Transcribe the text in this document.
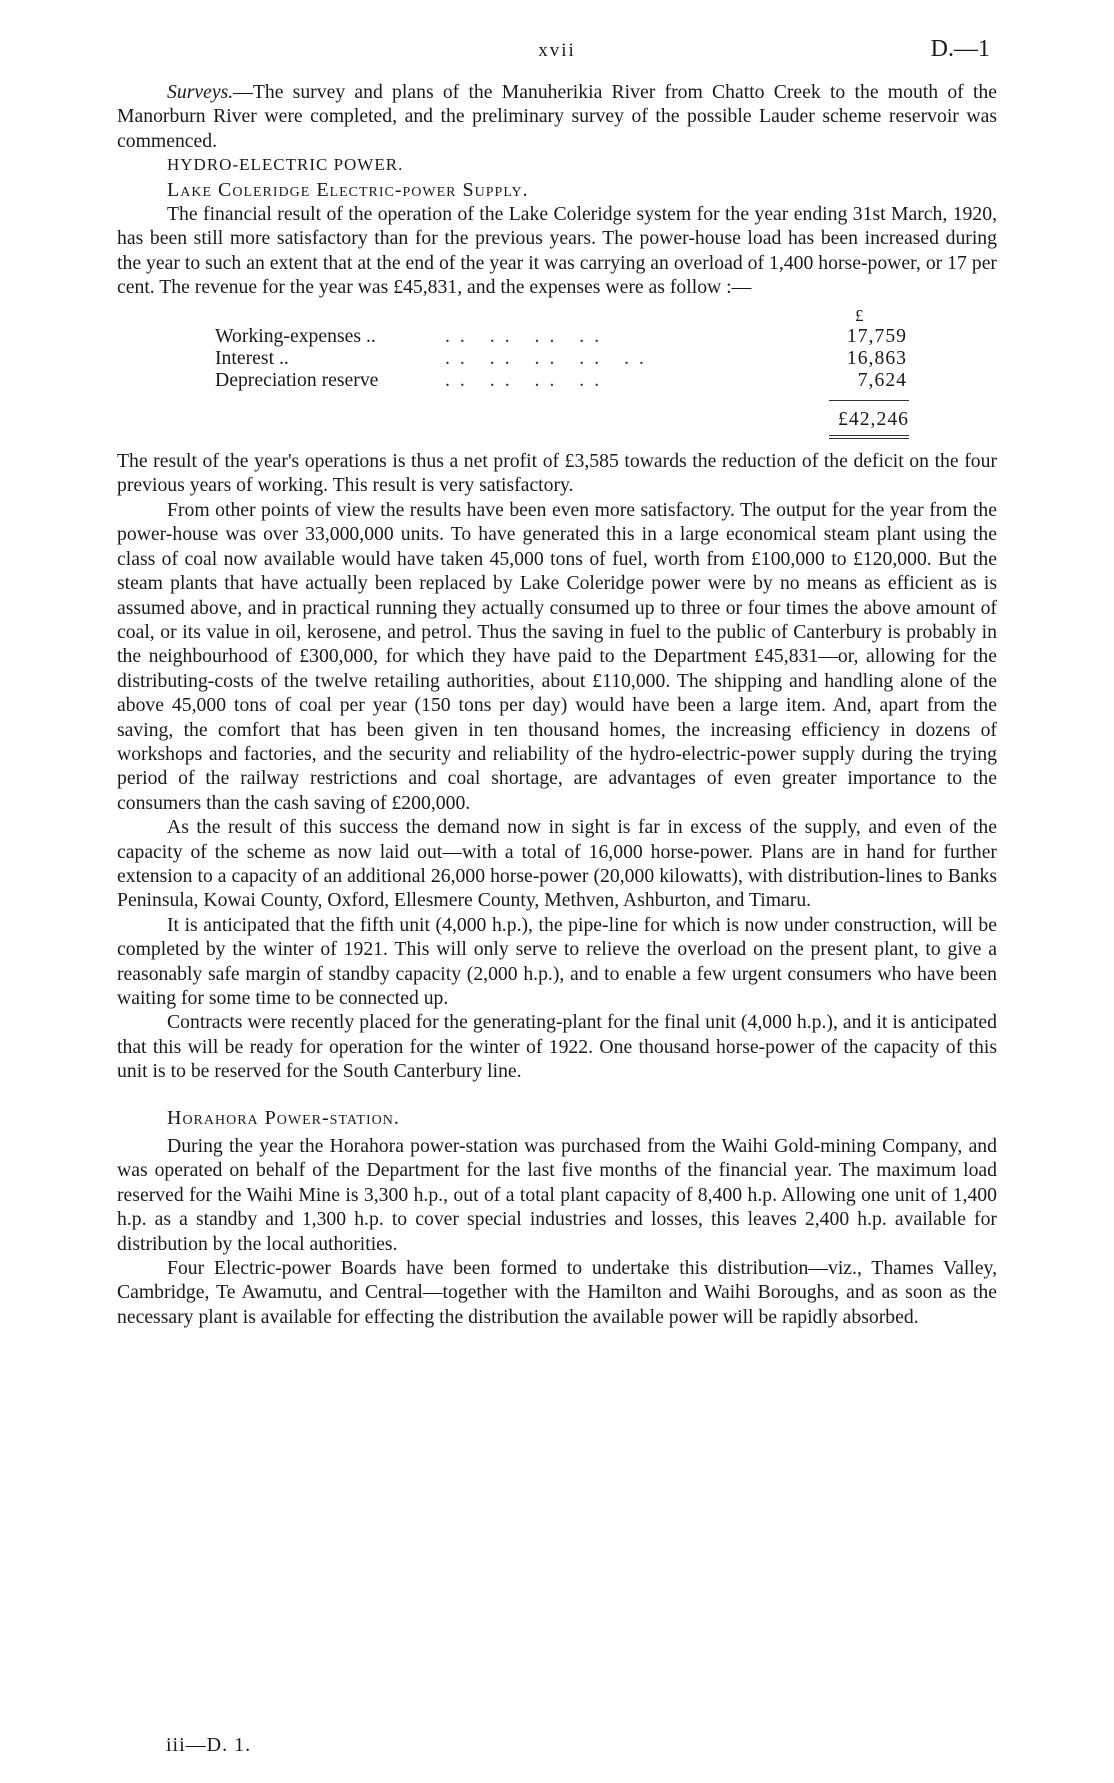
xvii	D.—1

Surveys.—The survey and plans of the Manuherikia River from Chatto Creek to the mouth of the Manorburn River were completed, and the preliminary survey of the possible Lauder scheme reservoir was commenced.

HYDRO-ELECTRIC POWER.

Lake Coleridge Electric-power Supply.

The financial result of the operation of the Lake Coleridge system for the year ending 31st March, 1920, has been still more satisfactory than for the previous years. The power-house load has been increased during the year to such an extent that at the end of the year it was carrying an overload of 1,400 horse-power, or 17 per cent. The revenue for the year was £45,831, and the expenses were as follow :—

£
Working-expenses ..	.. .. .. ..	17,759
Interest ..	.. .. .. .. ..	16,863
Depreciation reserve	.. .. .. ..	7,624
£42,246

The result of the year's operations is thus a net profit of £3,585 towards the reduction of the deficit on the four previous years of working. This result is very satisfactory.

From other points of view the results have been even more satisfactory. The output for the year from the power-house was over 33,000,000 units. To have generated this in a large economical steam plant using the class of coal now available would have taken 45,000 tons of fuel, worth from £100,000 to £120,000. But the steam plants that have actually been replaced by Lake Coleridge power were by no means as efficient as is assumed above, and in practical running they actually consumed up to three or four times the above amount of coal, or its value in oil, kerosene, and petrol. Thus the saving in fuel to the public of Canterbury is probably in the neighbourhood of £300,000, for which they have paid to the Department £45,831—or, allowing for the distributing-costs of the twelve retailing authorities, about £110,000. The shipping and handling alone of the above 45,000 tons of coal per year (150 tons per day) would have been a large item. And, apart from the saving, the comfort that has been given in ten thousand homes, the increasing efficiency in dozens of workshops and factories, and the security and reliability of the hydro-electric-power supply during the trying period of the railway restrictions and coal shortage, are advantages of even greater importance to the consumers than the cash saving of £200,000.

As the result of this success the demand now in sight is far in excess of the supply, and even of the capacity of the scheme as now laid out—with a total of 16,000 horse-power. Plans are in hand for further extension to a capacity of an additional 26,000 horse-power (20,000 kilowatts), with distribution-lines to Banks Peninsula, Kowai County, Oxford, Ellesmere County, Methven, Ashburton, and Timaru.

It is anticipated that the fifth unit (4,000 h.p.), the pipe-line for which is now under construction, will be completed by the winter of 1921. This will only serve to relieve the overload on the present plant, to give a reasonably safe margin of standby capacity (2,000 h.p.), and to enable a few urgent consumers who have been waiting for some time to be connected up.

Contracts were recently placed for the generating-plant for the final unit (4,000 h.p.), and it is anticipated that this will be ready for operation for the winter of 1922. One thousand horse-power of the capacity of this unit is to be reserved for the South Canterbury line.

Horahora Power-station.

During the year the Horahora power-station was purchased from the Waihi Gold-mining Company, and was operated on behalf of the Department for the last five months of the financial year. The maximum load reserved for the Waihi Mine is 3,300 h.p., out of a total plant capacity of 8,400 h.p. Allowing one unit of 1,400 h.p. as a standby and 1,300 h.p. to cover special industries and losses, this leaves 2,400 h.p. available for distribution by the local authorities.

Four Electric-power Boards have been formed to undertake this distribution—viz., Thames Valley, Cambridge, Te Awamutu, and Central—together with the Hamilton and Waihi Boroughs, and as soon as the necessary plant is available for effecting the distribution the available power will be rapidly absorbed.

iii—D. 1.
